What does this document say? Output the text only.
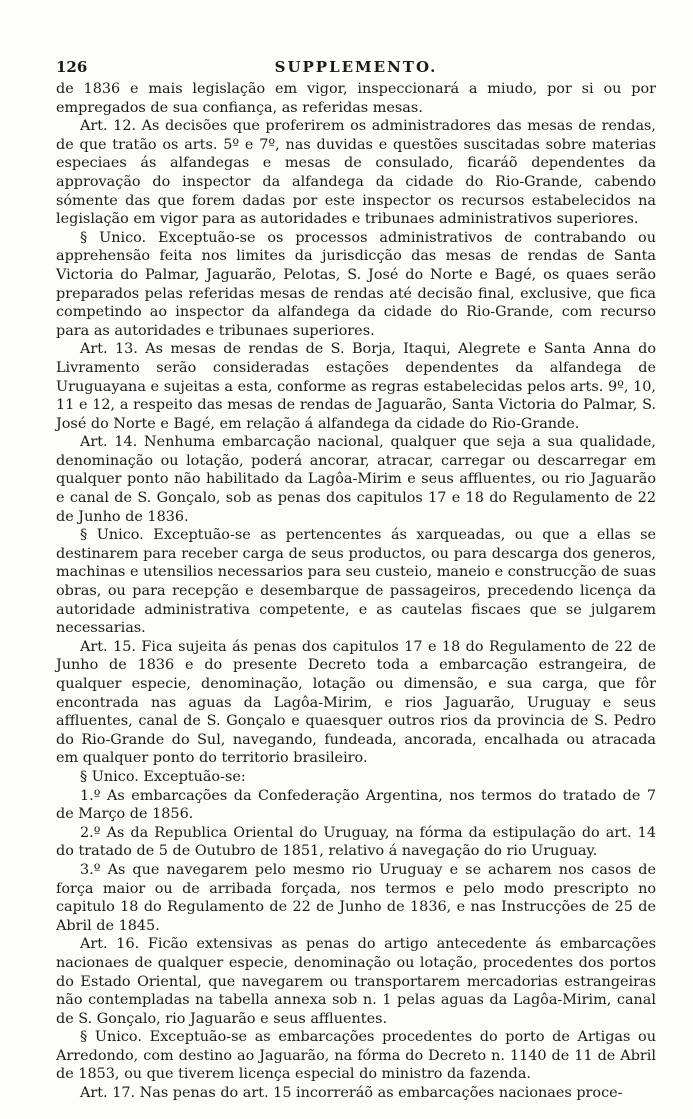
126	SUPPLEMENTO.

de 1836 e mais legislação em vigor, inspeccionará a miudo, por si ou por empregados de sua confiança, as referidas mesas.

Art. 12. As decisões que proferirem os administradores das mesas de rendas, de que tratão os arts. 5º e 7º, nas duvidas e questões suscitadas sobre materias especiaes ás alfandegas e mesas de consulado, ficaráõ dependentes da approvação do inspector da alfandega da cidade do Rio-Grande, cabendo sómente das que forem dadas por este inspector os recursos estabelecidos na legislação em vigor para as autoridades e tribunaes administrativos superiores.

§ Unico. Exceptuão-se os processos administrativos de contrabando ou apprehensão feita nos limites da jurisdicção das mesas de rendas de Santa Victoria do Palmar, Jaguarão, Pelotas, S. José do Norte e Bagé, os quaes serão preparados pelas referidas mesas de rendas até decisão final, exclusive, que fica competindo ao inspector da alfandega da cidade do Rio-Grande, com recurso para as autoridades e tribunaes superiores.

Art. 13. As mesas de rendas de S. Borja, Itaqui, Alegrete e Santa Anna do Livramento serão consideradas estações dependentes da alfandega de Uruguayana e sujeitas a esta, conforme as regras estabelecidas pelos arts. 9º, 10, 11 e 12, a respeito das mesas de rendas de Jaguarão, Santa Victoria do Palmar, S. José do Norte e Bagé, em relação á alfandega da cidade do Rio-Grande.

Art. 14. Nenhuma embarcação nacional, qualquer que seja a sua qualidade, denominação ou lotação, poderá ancorar, atracar, carregar ou descarregar em qualquer ponto não habilitado da Lagôa-Mirim e seus affluentes, ou rio Jaguarão e canal de S. Gonçalo, sob as penas dos capitulos 17 e 18 do Regulamento de 22 de Junho de 1836.

§ Unico. Exceptuão-se as pertencentes ás xarqueadas, ou que a ellas se destinarem para receber carga de seus productos, ou para descarga dos generos, machinas e utensilios necessarios para seu custeio, maneio e construcção de suas obras, ou para recepção e desembarque de passageiros, precedendo licença da autoridade administrativa competente, e as cautelas fiscaes que se julgarem necessarias.

Art. 15. Fica sujeita ás penas dos capitulos 17 e 18 do Regulamento de 22 de Junho de 1836 e do presente Decreto toda a embarcação estrangeira, de qualquer especie, denominação, lotação ou dimensão, e sua carga, que fôr encontrada nas aguas da Lagôa-Mirim, e rios Jaguarão, Uruguay e seus affluentes, canal de S. Gonçalo e quaesquer outros rios da provincia de S. Pedro do Rio-Grande do Sul, navegando, fundeada, ancorada, encalhada ou atracada em qualquer ponto do territorio brasileiro.

§ Unico. Exceptuão-se:

1.º As embarcações da Confederação Argentina, nos termos do tratado de 7 de Março de 1856.

2.º As da Republica Oriental do Uruguay, na fórma da estipulação do art. 14 do tratado de 5 de Outubro de 1851, relativo á navegação do rio Uruguay.

3.º As que navegarem pelo mesmo rio Uruguay e se acharem nos casos de força maior ou de arribada forçada, nos termos e pelo modo prescripto no capitulo 18 do Regulamento de 22 de Junho de 1836, e nas Instrucções de 25 de Abril de 1845.

Art. 16. Ficão extensivas as penas do artigo antecedente ás embarcações nacionaes de qualquer especie, denominação ou lotação, procedentes dos portos do Estado Oriental, que navegarem ou transportarem mercadorias estrangeiras não contempladas na tabella annexa sob n. 1 pelas aguas da Lagôa-Mirim, canal de S. Gonçalo, rio Jaguarão e seus affluentes.

§ Unico. Exceptuão-se as embarcações procedentes do porto de Artigas ou Arredondo, com destino ao Jaguarão, na fórma do Decreto n. 1140 de 11 de Abril de 1853, ou que tiverem licença especial do ministro da fazenda.

Art. 17. Nas penas do art. 15 incorreráõ as embarcações nacionaes proce-
